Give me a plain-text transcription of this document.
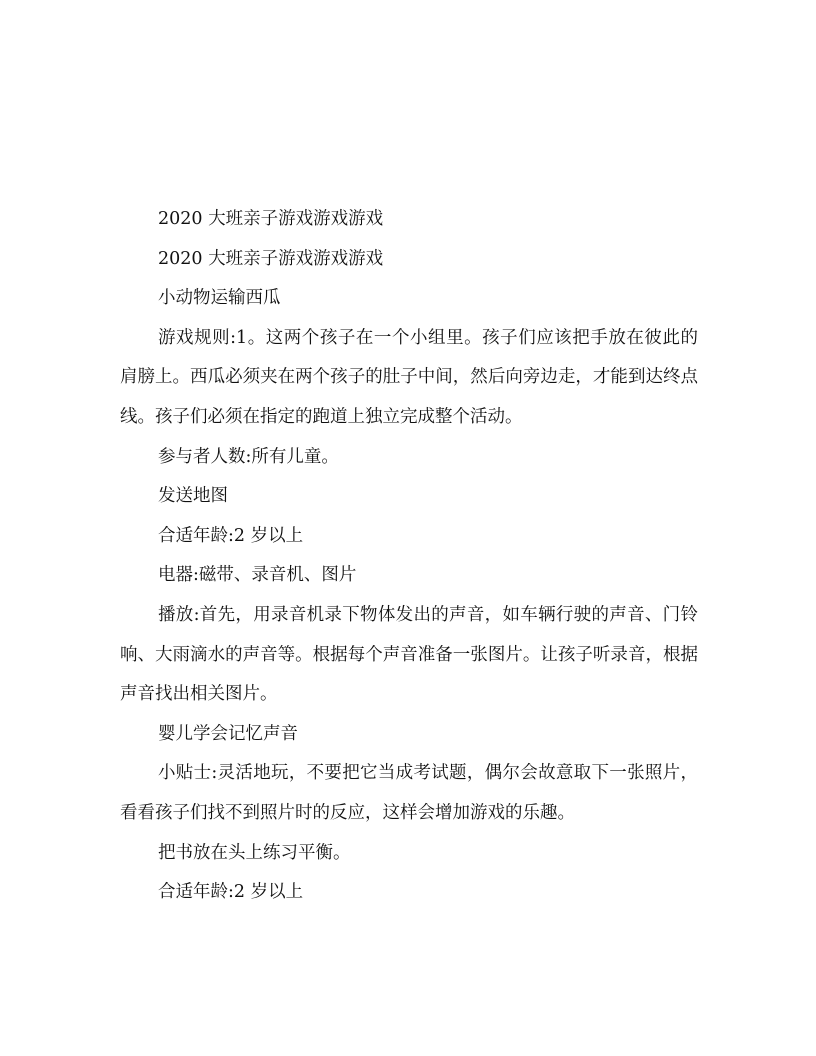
2020 大班亲子游戏游戏游戏

2020 大班亲子游戏游戏游戏

小动物运输西瓜

游戏规则:1。这两个孩子在一个小组里。孩子们应该把手放在彼此的肩膀上。西瓜必须夹在两个孩子的肚子中间，然后向旁边走，才能到达终点线。孩子们必须在指定的跑道上独立完成整个活动。

参与者人数:所有儿童。

发送地图

合适年龄:2 岁以上

电器:磁带、录音机、图片

播放:首先，用录音机录下物体发出的声音，如车辆行驶的声音、门铃响、大雨滴水的声音等。根据每个声音准备一张图片。让孩子听录音，根据声音找出相关图片。

婴儿学会记忆声音

小贴士:灵活地玩，不要把它当成考试题，偶尔会故意取下一张照片，看看孩子们找不到照片时的反应，这样会增加游戏的乐趣。

把书放在头上练习平衡。

合适年龄:2 岁以上
